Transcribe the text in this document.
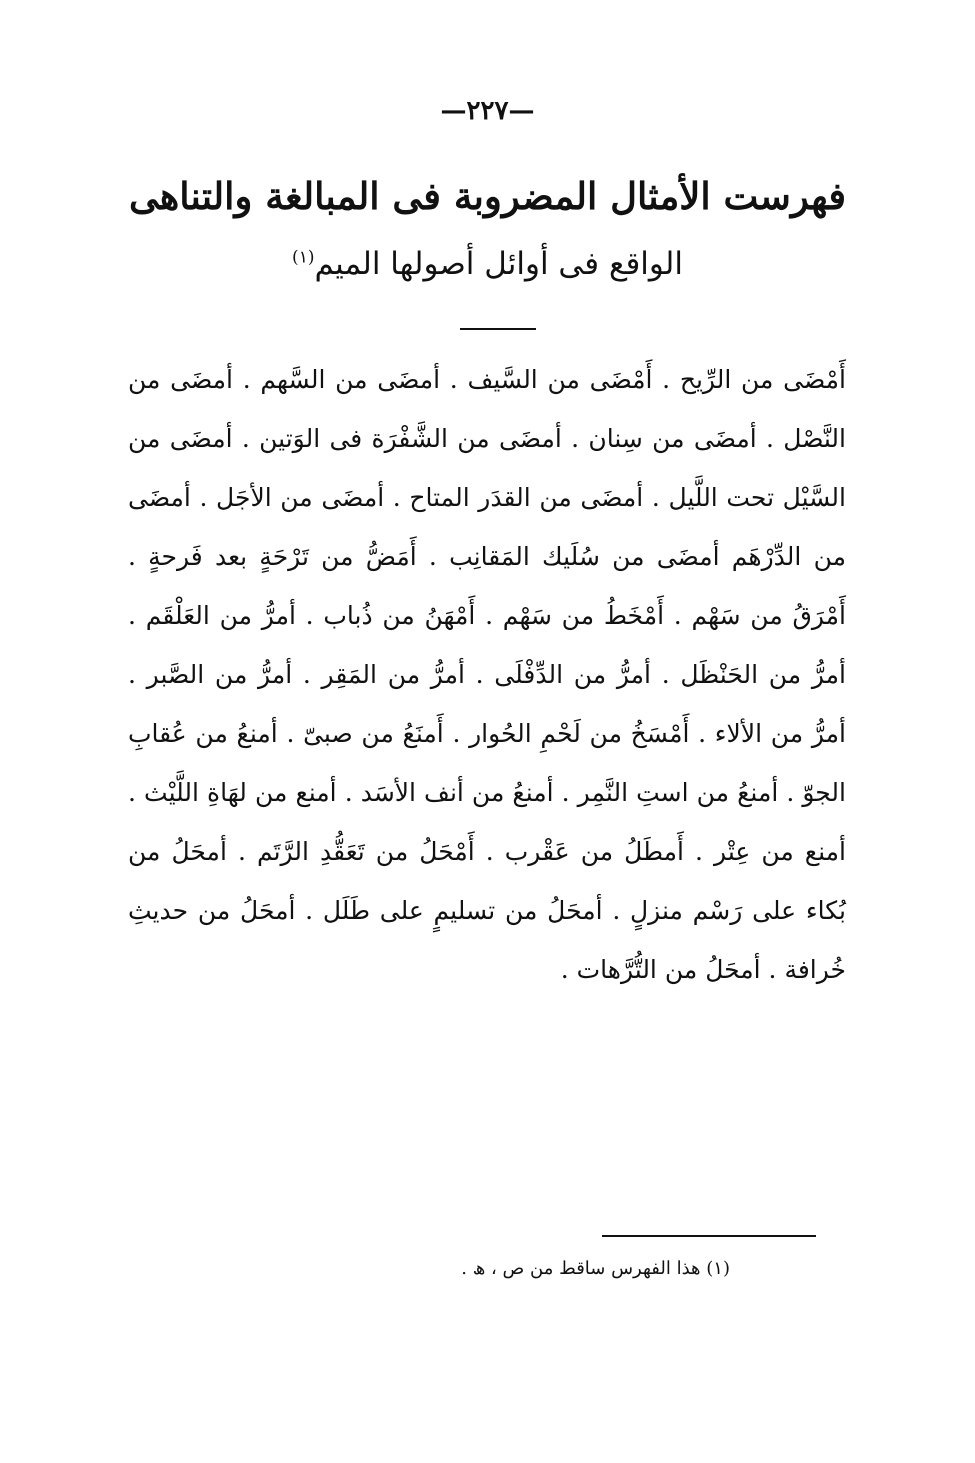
—٢٢٧—
فهرست الأمثال المضروبة فى المبالغة والتناهى
الواقع فى أوائل أصولها الميم$^{(١)}$
أَمْضَى من الرِّيح . أَمْضَى من السَّيف . أمضَى من السَّهم . أمضَى من النَّصْل . أمضَى من سِنان . أمضَى من الشَّفْرَة فى الوَتين . أمضَى من السَّيْل تحت اللَّيل . أمضَى من القدَر المتاح . أمضَى من الأجَل . أمضَى من الدِّرْهَم أمضَى من سُلَيك المَقانِب . أَمَضُّ من تَرْحَةٍ بعد فَرحةٍ . أَمْرَقُ من سَهْم . أَمْخَطُ من سَهْم . أَمْهَنُ من ذُباب . أمرُّ من العَلْقَم . أمرُّ من الحَنْظَل . أمرُّ من الدِّفْلَى . أمرُّ من المَقِر . أمرُّ من الصَّبر . أمرُّ من الألاء . أَمْسَخُ من لَحْمِ الحُوار . أَمنَعُ من صبىّ . أمنعُ من عُقابِ الجوّ . أمنعُ من استِ النَّمِر . أمنعُ من أنف الأسَد . أمنع من لهَاةِ اللَّيْث . أمنع من عِتْر . أَمطَلُ من عَقْرب . أَمْحَلُ من تَعَقُّدِ الرَّتَم . أمحَلُ من بُكاء على رَسْم منزلٍ . أمحَلُ من تسليمٍ على طَلَل . أمحَلُ من حديثِ خُرافة . أمحَلُ من التُّرَّهات .
(١) هذا الفهرس ساقط من ص ، ھ .
